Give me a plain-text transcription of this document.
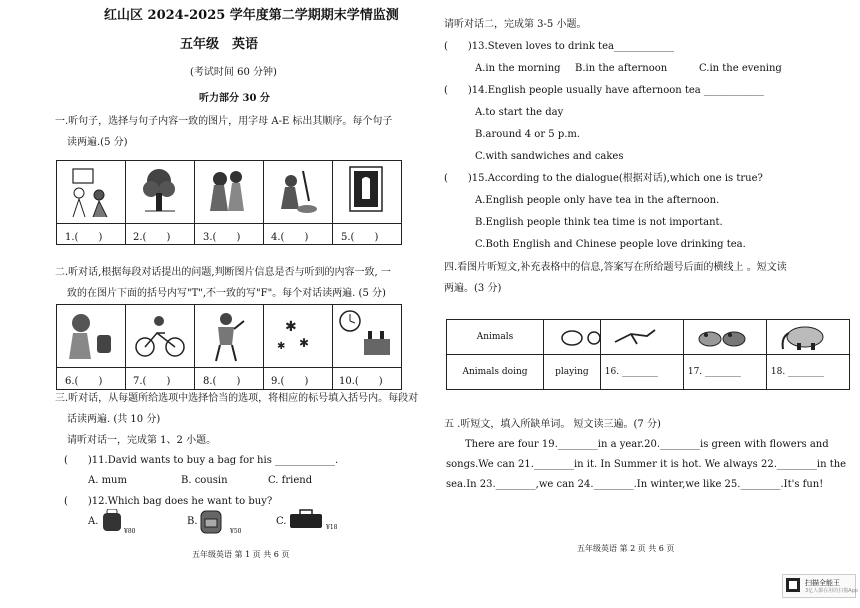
红山区 2024-2025 学年度第二学期期末学情监测
五年级　英语
(考试时间 60 分钟)
听力部分 30 分
一.听句子，选择与句子内容一致的图片，用字母 A-E 标出其顺序。每个句子
读两遍.(5 分)
1.(　　)	2.(　　)	3.(　　)	4.(　　)	5.(　　)
二.听对话,根据每段对话提出的问题,判断图片信息是否与听到的内容一致, 一
致的在图片下面的括号内写"T",不一致的写"F"。每个对话读两遍. (5 分)
✱
✱ ✱
6.(　　)	7.(　　)	8.(　　)	9.(　　)	10.(　　)
三.听对话，从每题所给选项中选择恰当的选项，将相应的标号填入括号内。每段对
话读两遍. (共 10 分)
请听对话一，完成第 1、2 小题。
(　　)11.David wants to buy a bag for his ____________.
A. mum	B. cousin	C. friend
(　　)12.Which bag does he want to buy?
A.
¥80
B.
¥50
C.
¥18
五年级英语 第 1 页 共 6 页
请听对话二，完成第 3-5 小题。
(　　)13.Steven loves to drink tea____________
A.in the morning B.in the afternoon	C.in the evening
(　　)14.English people usually have afternoon tea ____________
A.to start the day
B.around 4 or 5 p.m.
C.with sandwiches and cakes
(　　)15.According to the dialogue(根据对话),which one is true?
A.English people only have tea in the afternoon.
B.English people think tea time is not important.
C.Both English and Chinese people love drinking tea.
四.看图片听短文,补充表格中的信息,答案写在所给题号后面的横线上 。短文读
两遍。(3 分)
五 .听短文，填入所缺单词。 短文读三遍。(7 分)
There are four 19.________in a year.20.________is green with flowers and
songs.We can 21.________in it. In Summer it is hot. We always 22.________in the
sea.In 23.________,we can 24.________.In winter,we like 25.________.It's fun!
五年级英语 第 2 页 共 6 页
Animals	

Animals doing	playing	16. ________	17. ________	18. ________
扫描全能王
3亿人都在用的扫描App
